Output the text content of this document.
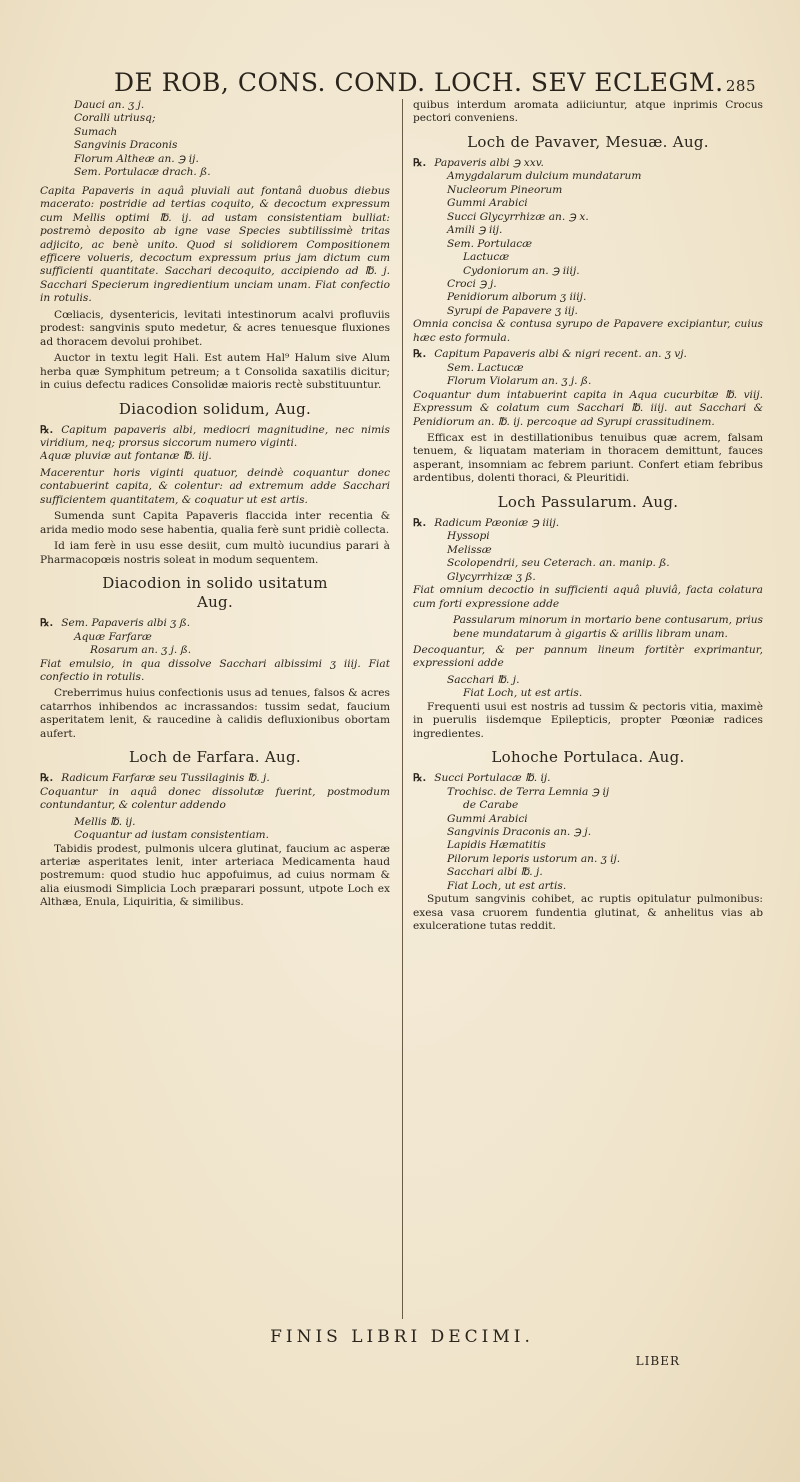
DE ROB, CONS. COND. LOCH. SEV ECLEGM. 285

Dauci an. ʒ j.

Coralli utriusq;

Sumach

Sangvinis Draconis

Florum Altheæ an. ℈ ij.

Sem. Portulacæ drach. ß.

Capita Papaveris in aquâ pluviali aut fontanâ duobus diebus macerato: postridie ad tertias coquito, & decoctum expressum cum Mellis optimi ℔. ij. ad ustam consistentiam bulliat: postremò deposito ab igne vase Species subtilissimè tritas adjicito, ac benè unito. Quod si solidiorem Compositionem efficere volueris, decoctum expressum prius jam dictum cum sufficienti quantitate. Sacchari decoquito, accipiendo ad ℔. j. Sacchari Specierum ingredientium unciam unam. Fiat confectio in rotulis.

Cœliacis, dysentericis, levitati intestinorum acalvi profluviis prodest: sangvinis sputo medetur, & acres tenuesque fluxiones ad thoracem devolui prohibet.

Auctor in textu legit Hali. Est autem Hal⁹ Halum sive Alum herba quæ Symphitum petreum; a t Consolida saxatilis dicitur; in cuius defectu radices Consolidæ maioris rectè substituuntur.

Diacodion solidum, Aug.

℞. Capitum papaveris albi, mediocri magnitudine, nec nimis viridium, neq; prorsus siccorum numero viginti.

Aquæ pluviæ aut fontanæ ℔. iij.

Macerentur horis viginti quatuor, deindè coquantur donec contabuerint capita, & colentur: ad extremum adde Sacchari sufficientem quantitatem, & coquatur ut est artis.

Sumenda sunt Capita Papaveris flaccida inter recentia & arida medio modo sese habentia, qualia ferè sunt pridiè collecta.

Id iam ferè in usu esse desiit, cum multò iucundius parari à Pharmacopœis nostris soleat in modum sequentem.

Diacodion in solido usitatum
Aug.

℞. Sem. Papaveris albi ʒ ß.

Aquæ Farfaræ

Rosarum an. ʒ j. ß.

Fiat emulsio, in qua dissolve Sacchari albissimi ʒ iiij. Fiat confectio in rotulis.

Creberrimus huius confectionis usus ad tenues, falsos & acres catarrhos inhibendos ac incrassandos: tussim sedat, faucium asperitatem lenit, & raucedine à calidis defluxionibus obortam aufert.

Loch de Farfara. Aug.

℞. Radicum Farfaræ seu Tussilaginis ℔. j.

Coquantur in aquâ donec dissolutæ fuerint, postmodum contundantur, & colentur addendo

Mellis ℔. ij.

Coquantur ad iustam consistentiam.

Tabidis prodest, pulmonis ulcera glutinat, faucium ac asperæ arteriæ asperitates lenit, inter arteriaca Medicamenta haud postremum: quod studio huc appofuimus, ad cuius normam & alia eiusmodi Simplicia Loch præparari possunt, utpote Loch ex Althæa, Enula, Liquiritia, & similibus.

quibus interdum aromata adiiciuntur, atque inprimis Crocus pectori conveniens.

Loch de Pavaver, Mesuæ. Aug.

℞. Papaveris albi ℈ xxv.

Amygdalarum dulcium mundatarum

Nucleorum Pineorum

Gummi Arabici

Succi Glycyrrhizæ an. ℈ x.

Amili ℈ iij.

Sem. Portulacæ

Lactucæ

Cydoniorum an. ℈ iiij.

Croci ℈ j.

Penidiorum alborum ʒ iiij.

Syrupi de Papavere ʒ iij.

Omnia concisa & contusa syrupo de Papavere excipiantur, cuius hæc esto formula.

℞. Capitum Papaveris albi & nigri recent. an. ʒ vj.

Sem. Lactucæ

Florum Violarum an. ʒ j. ß.

Coquantur dum intabuerint capita in Aqua cucurbitæ ℔. viij. Expressum & colatum cum Sacchari ℔. iiij. aut Sacchari & Penidiorum an. ℔. ij. percoque ad Syrupi crassitudinem.

Efficax est in destillationibus tenuibus quæ acrem, falsam tenuem, & liquatam materiam in thoracem demittunt, fauces asperant, insomniam ac febrem pariunt. Confert etiam febribus ardentibus, dolenti thoraci, & Pleuritidi.

Loch Passularum. Aug.

℞. Radicum Pæoniæ ℈ iiij.

Hyssopi

Melissæ

Scolopendrii, seu Ceterach. an. manip. ß.

Glycyrrhizæ ʒ ß.

Fiat omnium decoctio in sufficienti aquâ pluviâ, facta colatura cum forti expressione adde

Passularum minorum in mortario bene contusarum, prius bene mundatarum à gigartis & arillis libram unam.

Decoquantur, & per pannum lineum fortitèr exprimantur, expressioni adde

Sacchari ℔. j.

Fiat Loch, ut est artis.

Frequenti usui est nostris ad tussim & pectoris vitia, maximè in puerulis iisdemque Epilepticis, propter Pœoniæ radices ingredientes.

Lohoche Portulaca. Aug.

℞. Succi Portulacæ ℔. ij.

Trochisc. de Terra Lemnia ℈ ij

de Carabe

Gummi Arabici

Sangvinis Draconis an. ℈ j.

Lapidis Hæmatitis

Pilorum leporis ustorum an. ʒ ij.

Sacchari albi ℔. j.

Fiat Loch, ut est artis.

Sputum sangvinis cohibet, ac ruptis opitulatur pulmonibus: exesa vasa cruorem fundentia glutinat, & anhelitus vias ab exulceratione tutas reddit.

FINIS LIBRI DECIMI.
LIBER
